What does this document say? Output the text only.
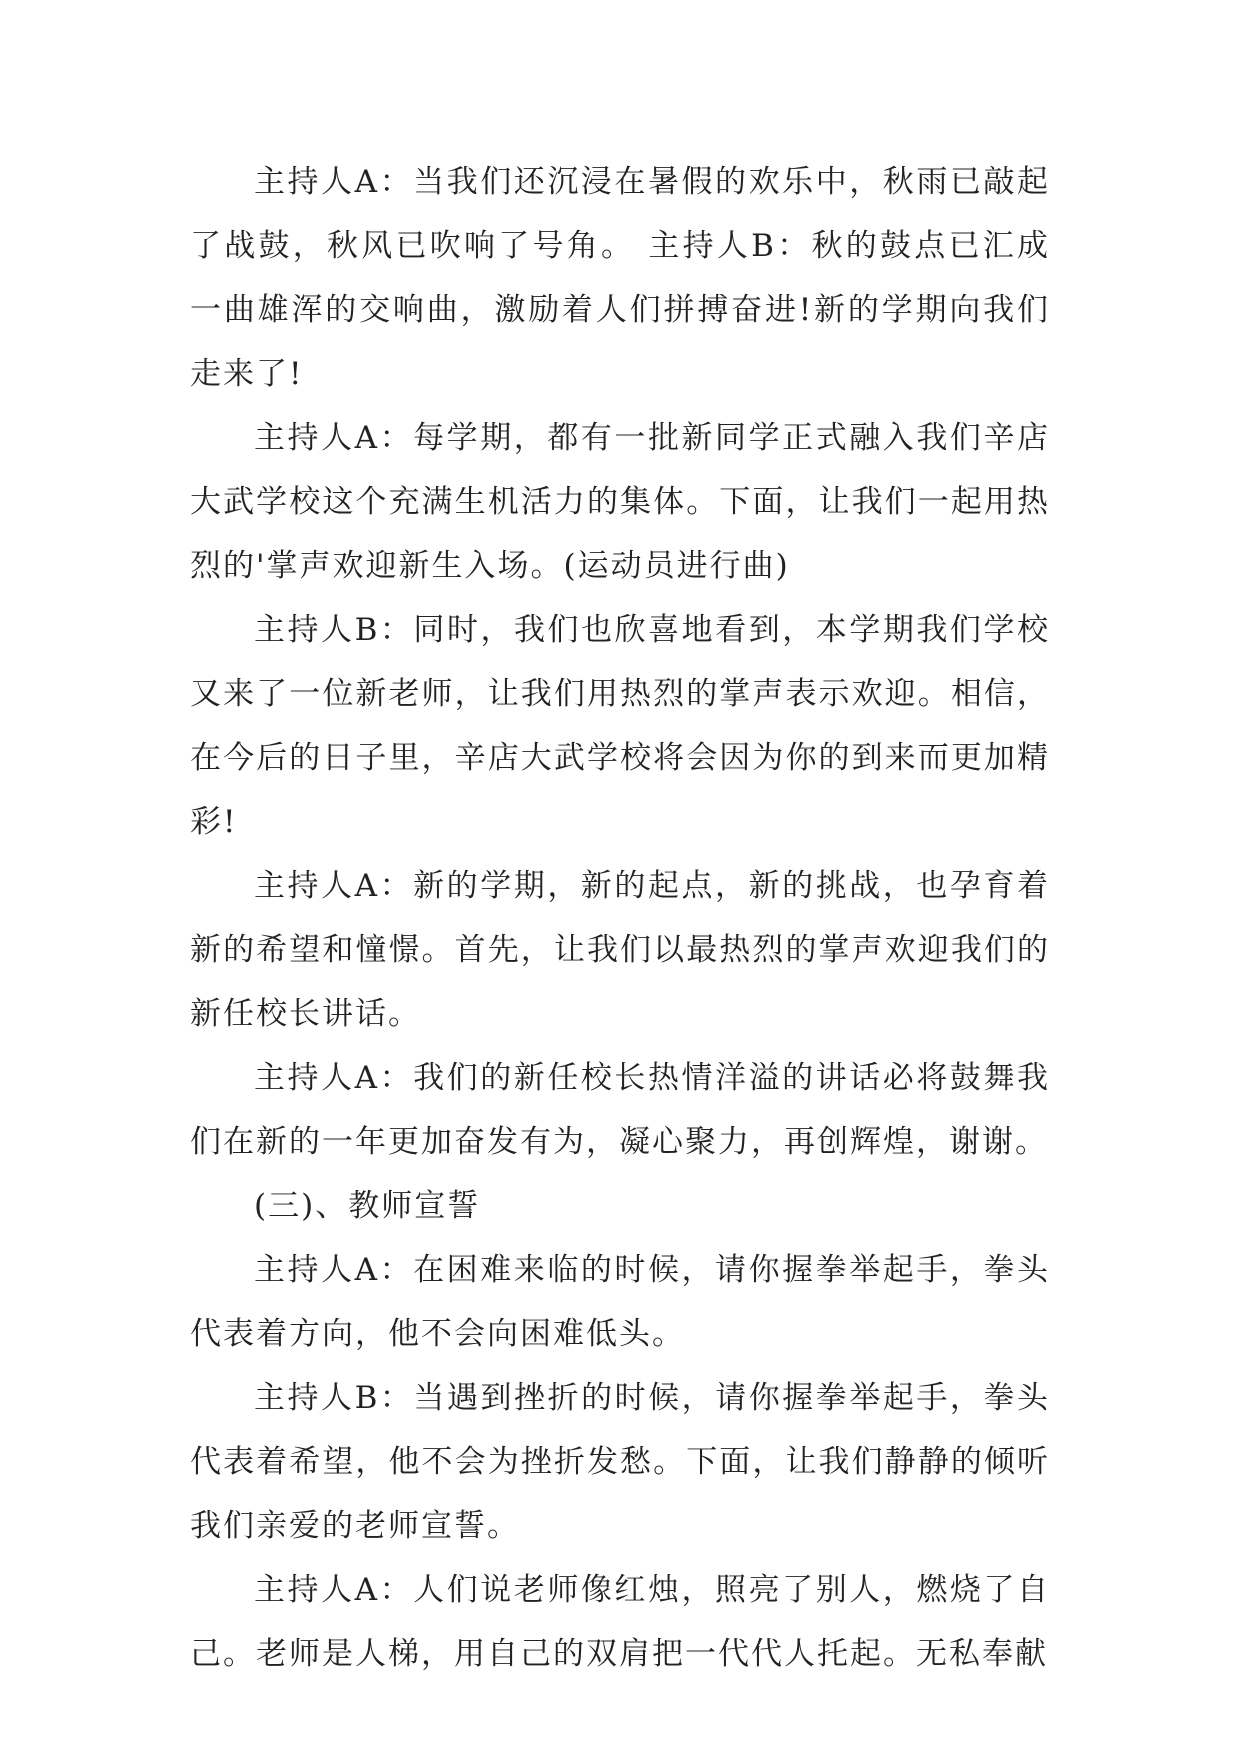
主持人A：当我们还沉浸在暑假的欢乐中，秋雨已敲起了战鼓，秋风已吹响了号角。 主持人B：秋的鼓点已汇成一曲雄浑的交响曲，激励着人们拼搏奋进!新的学期向我们走来了!

主持人A：每学期，都有一批新同学正式融入我们辛店大武学校这个充满生机活力的集体。下面，让我们一起用热烈的'掌声欢迎新生入场。(运动员进行曲)

主持人B：同时，我们也欣喜地看到，本学期我们学校又来了一位新老师，让我们用热烈的掌声表示欢迎。相信，在今后的日子里，辛店大武学校将会因为你的到来而更加精彩!

主持人A：新的学期，新的起点，新的挑战，也孕育着新的希望和憧憬。首先，让我们以最热烈的掌声欢迎我们的新任校长讲话。

主持人A：我们的新任校长热情洋溢的讲话必将鼓舞我们在新的一年更加奋发有为，凝心聚力，再创辉煌，谢谢。

(三)、教师宣誓

主持人A：在困难来临的时候，请你握拳举起手，拳头代表着方向，他不会向困难低头。

主持人B：当遇到挫折的时候，请你握拳举起手，拳头代表着希望，他不会为挫折发愁。下面，让我们静静的倾听我们亲爱的老师宣誓。

主持人A：人们说老师像红烛，照亮了别人，燃烧了自己。老师是人梯，用自己的双肩把一代代人托起。无私奉献
